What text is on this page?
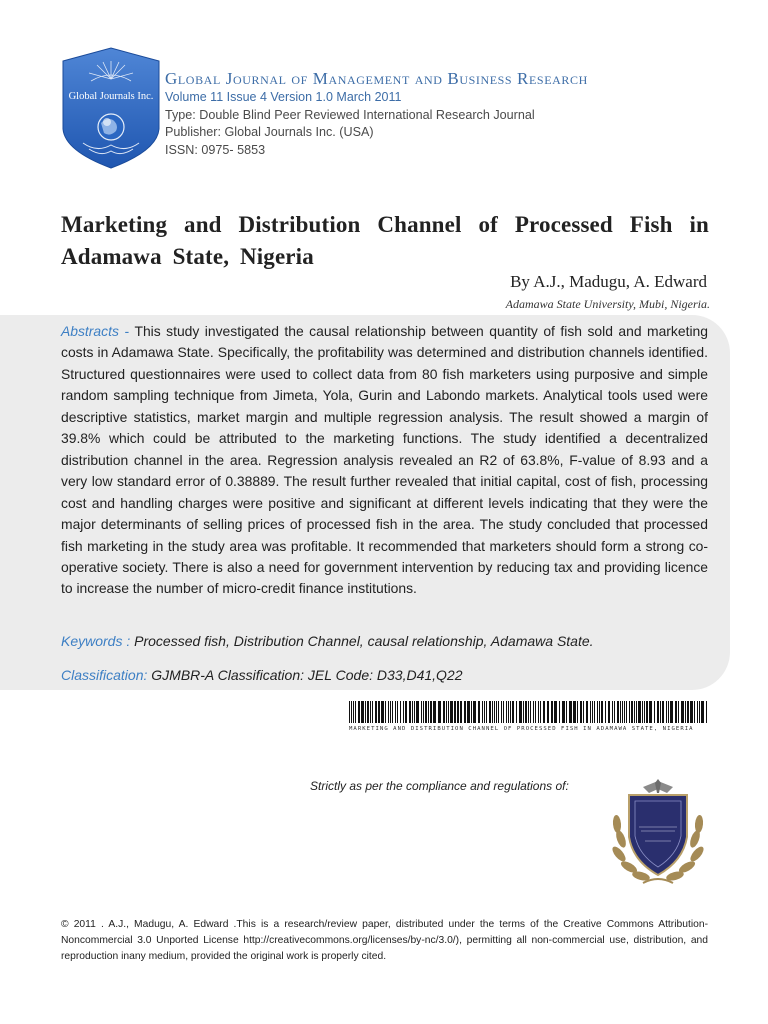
Global Journals Inc.

Global Journal of Management and Business Research

Volume 11 Issue 4 Version 1.0 March 2011

Type: Double Blind Peer Reviewed International Research Journal

Publisher: Global Journals Inc. (USA)

ISSN: 0975- 5853

Marketing and Distribution Channel of Processed Fish in Adamawa State, Nigeria

By A.J., Madugu, A. Edward

Adamawa State University, Mubi, Nigeria.

Abstracts - This study investigated the causal relationship between quantity of fish sold and marketing costs in Adamawa State. Specifically, the profitability was determined and distribution channels identified. Structured questionnaires were used to collect data from 80 fish marketers using purposive and simple random sampling technique from Jimeta, Yola, Gurin and Labondo markets. Analytical tools used were descriptive statistics, market margin and multiple regression analysis. The result showed a margin of 39.8% which could be attributed to the marketing functions. The study identified a decentralized distribution channel in the area. Regression analysis revealed an R2 of 63.8%, F-value of 8.93 and a very low standard error of 0.38889. The result further revealed that initial capital, cost of fish, processing cost and handling charges were positive and significant at different levels indicating that they were the major determinants of selling prices of processed fish in the area. The study concluded that processed fish marketing in the study area was profitable. It recommended that marketers should form a strong co-operative society. There is also a need for government intervention by reducing tax and providing licence to increase the number of micro-credit finance institutions.

Keywords : Processed fish, Distribution Channel, causal relationship, Adamawa State.

Classification: GJMBR-A Classification: JEL Code: D33,D41,Q22

MARKETING AND DISTRIBUTION CHANNEL OF PROCESSED FISH IN ADAMAWA STATE, NIGERIA

Strictly as per the compliance and regulations of:

© 2011 . A.J., Madugu, A. Edward .This is a research/review paper, distributed under the terms of the Creative Commons Attribution-Noncommercial 3.0 Unported License http://creativecommons.org/licenses/by-nc/3.0/), permitting all non-commercial use, distribution, and reproduction inany medium, provided the original work is properly cited.
